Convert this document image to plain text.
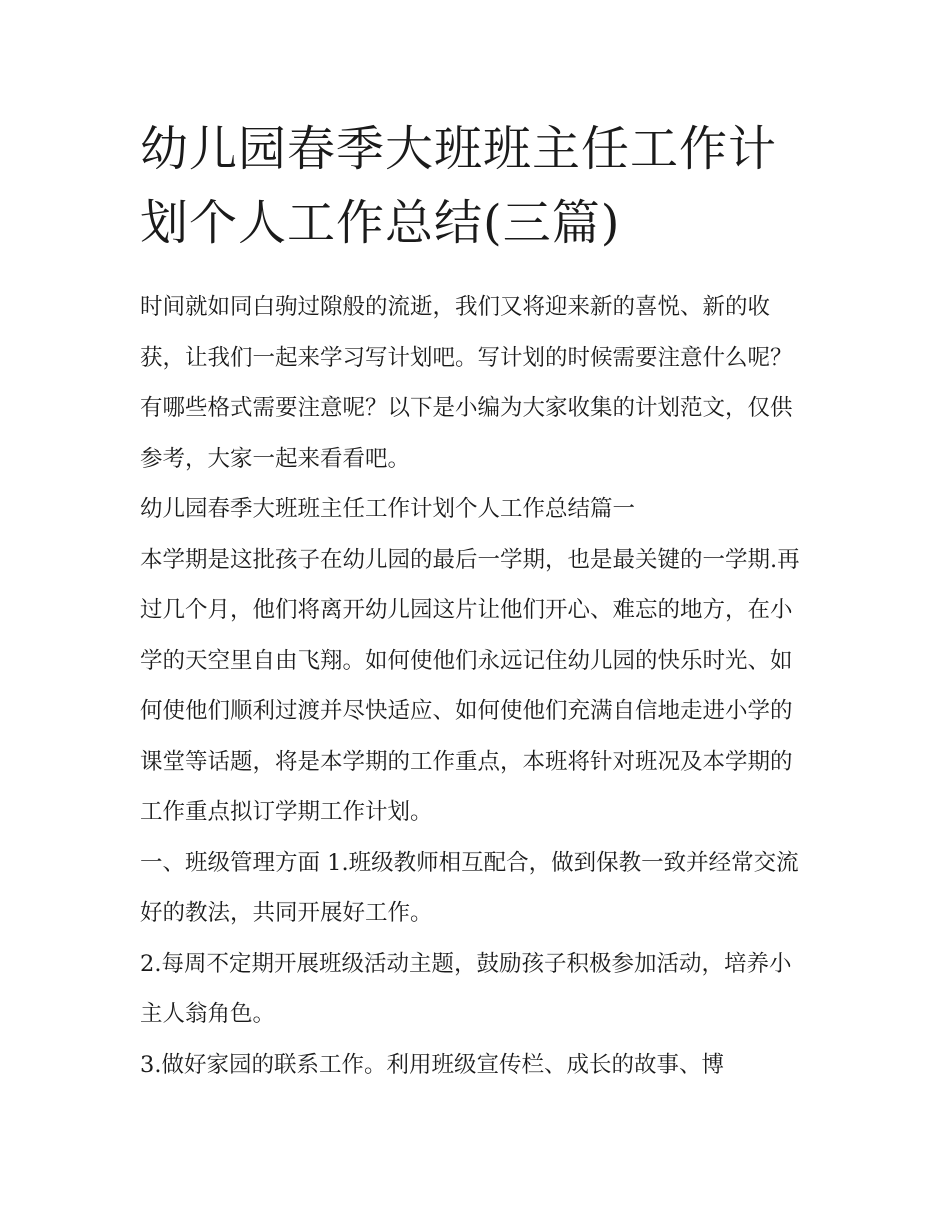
幼儿园春季大班班主任工作计划个人工作总结(三篇)

时间就如同白驹过隙般的流逝，我们又将迎来新的喜悦、新的收获，让我们一起来学习写计划吧。写计划的时候需要注意什么呢？有哪些格式需要注意呢？以下是小编为大家收集的计划范文，仅供参考，大家一起来看看吧。

幼儿园春季大班班主任工作计划个人工作总结篇一

本学期是这批孩子在幼儿园的最后一学期，也是最关键的一学期.再过几个月，他们将离开幼儿园这片让他们开心、难忘的地方，在小学的天空里自由飞翔。如何使他们永远记住幼儿园的快乐时光、如何使他们顺利过渡并尽快适应、如何使他们充满自信地走进小学的课堂等话题，将是本学期的工作重点，本班将针对班况及本学期的工作重点拟订学期工作计划。

一、班级管理方面 1.班级教师相互配合，做到保教一致并经常交流好的教法，共同开展好工作。

2.每周不定期开展班级活动主题，鼓励孩子积极参加活动，培养小主人翁角色。

3.做好家园的联系工作。利用班级宣传栏、成长的故事、博
